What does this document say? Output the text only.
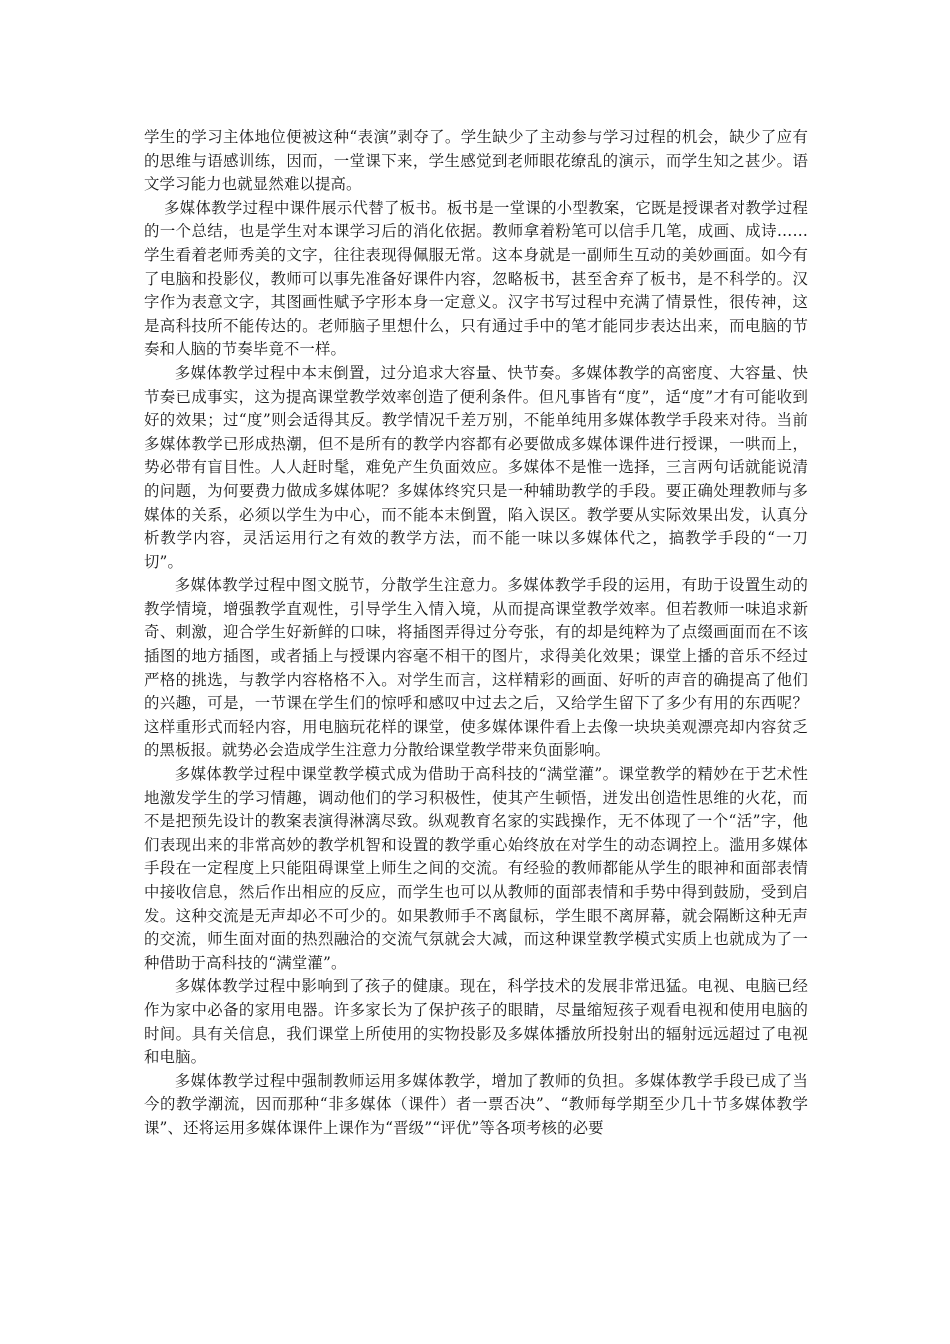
学生的学习主体地位便被这种“表演”剥夺了。学生缺少了主动参与学习过程的机会，缺少了应有的思维与语感训练，因而，一堂课下来，学生感觉到老师眼花缭乱的演示，而学生知之甚少。语文学习能力也就显然难以提高。

多媒体教学过程中课件展示代替了板书。板书是一堂课的小型教案，它既是授课者对教学过程的一个总结，也是学生对本课学习后的消化依据。教师拿着粉笔可以信手几笔，成画、成诗……学生看着老师秀美的文字，往往表现得佩服无常。这本身就是一副师生互动的美妙画面。如今有了电脑和投影仪，教师可以事先准备好课件内容，忽略板书，甚至舍弃了板书，是不科学的。汉字作为表意文字，其图画性赋予字形本身一定意义。汉字书写过程中充满了情景性，很传神，这是高科技所不能传达的。老师脑子里想什么，只有通过手中的笔才能同步表达出来，而电脑的节奏和人脑的节奏毕竟不一样。

多媒体教学过程中本末倒置，过分追求大容量、快节奏。多媒体教学的高密度、大容量、快节奏已成事实，这为提高课堂教学效率创造了便利条件。但凡事皆有“度”，适“度”才有可能收到好的效果；过“度”则会适得其反。教学情况千差万别，不能单纯用多媒体教学手段来对待。当前多媒体教学已形成热潮，但不是所有的教学内容都有必要做成多媒体课件进行授课，一哄而上，势必带有盲目性。人人赶时髦，难免产生负面效应。多媒体不是惟一选择，三言两句话就能说清的问题，为何要费力做成多媒体呢？多媒体终究只是一种辅助教学的手段。要正确处理教师与多媒体的关系，必须以学生为中心，而不能本末倒置，陷入误区。教学要从实际效果出发，认真分析教学内容，灵活运用行之有效的教学方法，而不能一味以多媒体代之，搞教学手段的“一刀切”。

多媒体教学过程中图文脱节，分散学生注意力。多媒体教学手段的运用，有助于设置生动的教学情境，增强教学直观性，引导学生入情入境，从而提高课堂教学效率。但若教师一味追求新奇、刺激，迎合学生好新鲜的口味，将插图弄得过分夸张，有的却是纯粹为了点缀画面而在不该插图的地方插图，或者插上与授课内容毫不相干的图片，求得美化效果；课堂上播的音乐不经过严格的挑选，与教学内容格格不入。对学生而言，这样精彩的画面、好听的声音的确提高了他们的兴趣，可是，一节课在学生们的惊呼和感叹中过去之后，又给学生留下了多少有用的东西呢？这样重形式而轻内容，用电脑玩花样的课堂，使多媒体课件看上去像一块块美观漂亮却内容贫乏的黑板报。就势必会造成学生注意力分散给课堂教学带来负面影响。

多媒体教学过程中课堂教学模式成为借助于高科技的“满堂灌”。课堂教学的精妙在于艺术性地激发学生的学习情趣，调动他们的学习积极性，使其产生顿悟，迸发出创造性思维的火花，而不是把预先设计的教案表演得淋漓尽致。纵观教育名家的实践操作，无不体现了一个“活”字，他们表现出来的非常高妙的教学机智和设置的教学重心始终放在对学生的动态调控上。滥用多媒体手段在一定程度上只能阻碍课堂上师生之间的交流。有经验的教师都能从学生的眼神和面部表情中接收信息，然后作出相应的反应，而学生也可以从教师的面部表情和手势中得到鼓励，受到启发。这种交流是无声却必不可少的。如果教师手不离鼠标，学生眼不离屏幕，就会隔断这种无声的交流，师生面对面的热烈融洽的交流气氛就会大减，而这种课堂教学模式实质上也就成为了一种借助于高科技的“满堂灌”。

多媒体教学过程中影响到了孩子的健康。现在，科学技术的发展非常迅猛。电视、电脑已经作为家中必备的家用电器。许多家长为了保护孩子的眼睛，尽量缩短孩子观看电视和使用电脑的时间。具有关信息，我们课堂上所使用的实物投影及多媒体播放所投射出的辐射远远超过了电视和电脑。

多媒体教学过程中强制教师运用多媒体教学，增加了教师的负担。多媒体教学手段已成了当今的教学潮流，因而那种“非多媒体（课件）者一票否决”、“教师每学期至少几十节多媒体教学课”、还将运用多媒体课件上课作为“晋级”“评优”等各项考核的必要
